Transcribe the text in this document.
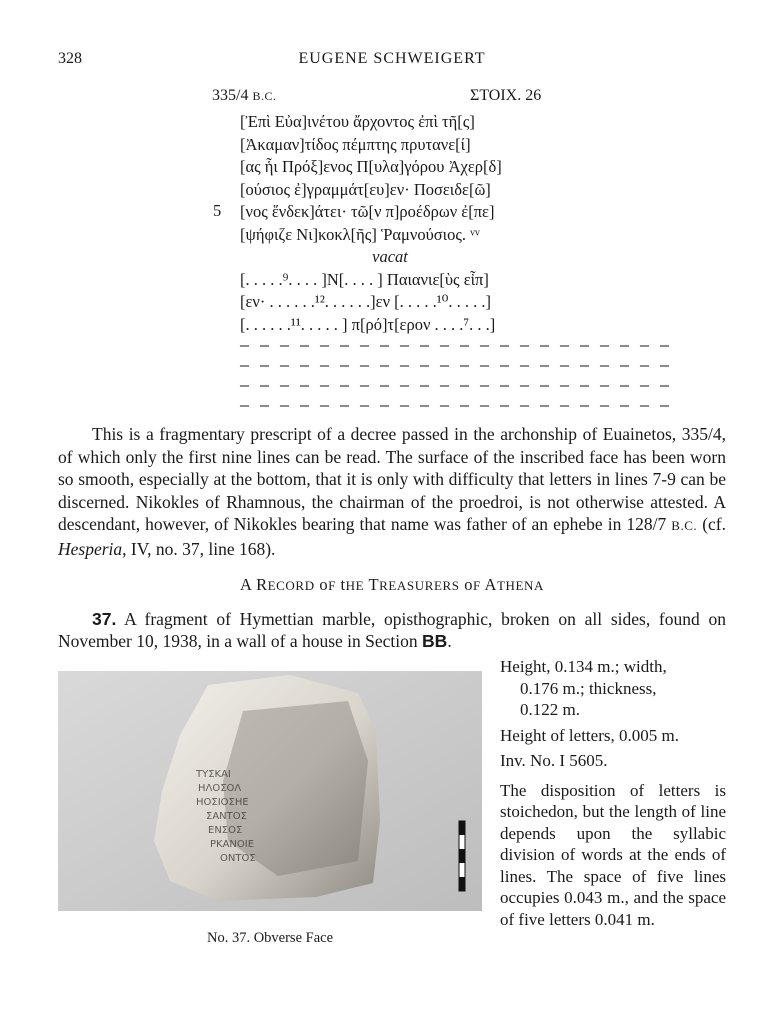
328	EUGENE SCHWEIGERT
335/4 B.C.	ΣΤΟΙΧ. 26
5
[Ἐπὶ Εὐα]ινέτου ἄρχοντος ἐπὶ τῆ[ς]
[Ἀκαμαν]τίδος πέμπτης πρυτανε[ί]
[ας ἧι Πρόξ]ενος Π[υλα]γόρου Ἀχερ[δ]
[ούσιος ἐ]γραμμάτ[ευ]εν· Ποσειδε[ῶ]
[νος ἕνδεκ]άτει· τῶ[ν π]ροέδρων ἐ[πε]
[ψήφιζε Νι]κοκλ[ῆς] Ῥαμνούσιος. ᵛᵛ
vacat
[. . . . .⁹. . . . ]N[. . . . ] Παιανιε[ὺς εἶπ]
[εν· . . . . . .¹². . . . . .]εν [. . . . .¹⁰. . . . .]
[. . . . . .¹¹. . . . . ] π[ρό]τ[ερον . . . .⁷. . .]
— — — — — — — — — — — — — — — — — — — — — —
— — — — — — — — — — — — — — — — — — — — — —
— — — — — — — — — — — — — — — — — — — — — —
— — — — — — — — — — — — — — — — — — — — — —

This is a fragmentary prescript of a decree passed in the archonship of Euainetos, 335/4, of which only the first nine lines can be read. The surface of the inscribed face has been worn so smooth, especially at the bottom, that it is only with difficulty that letters in lines 7-9 can be discerned. Nikokles of Rhamnous, the chairman of the proedroi, is not otherwise attested. A descendant, however, of Nikokles bearing that name was father of an ephebe in 128/7 B.C. (cf. Hesperia, IV, no. 37, line 168).

A RECORD oF tHE TREASURERS oF ATHENA

37. A fragment of Hymettian marble, opisthographic, broken on all sides, found on November 10, 1938, in a wall of a house in Section BB.

ΤΥΣΚΑΙ
ΗΛΟΣΟΛ
ΗΟΣΙΟΣΗΕ
ΣΑΝΤΟΣ
ΕΝΣΟΣ
ΡΚΑΝΟΙΕ
ΟΝΤΟΣ
No. 37. Obverse Face
Height, 0.134 m.; width,
0.176 m.; thickness,
0.122 m.
Height of letters, 0.005 m.
Inv. No. I 5605.
The disposition of letters is stoichedon, but the length of line depends upon the syllabic division of words at the ends of lines. The space of five lines occupies 0.043 m., and the space of five letters 0.041 m.
